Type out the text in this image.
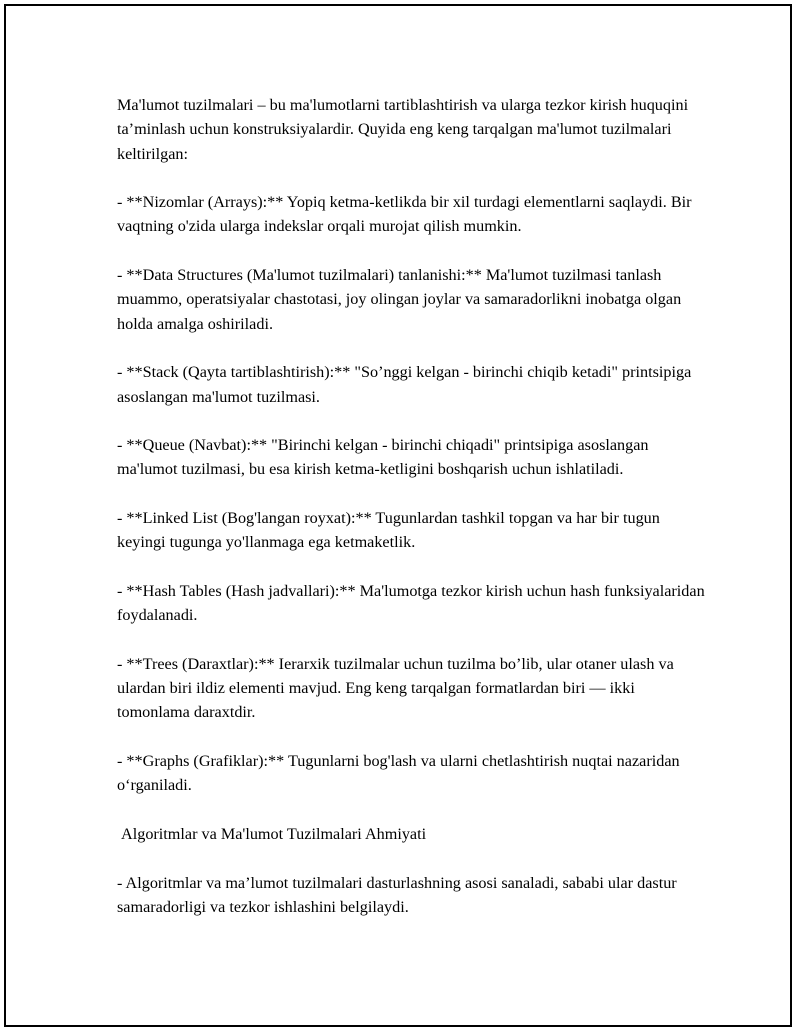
Ma'lumot tuzilmalari – bu ma'lumotlarni tartiblashtirish va ularga tezkor kirish huquqini ta’minlash uchun konstruksiyalardir. Quyida eng keng tarqalgan ma'lumot tuzilmalari keltirilgan:

- **Nizomlar (Arrays):** Yopiq ketma-ketlikda bir xil turdagi elementlarni saqlaydi. Bir vaqtning o'zida ularga indekslar orqali murojat qilish mumkin.

- **Data Structures (Ma'lumot tuzilmalari) tanlanishi:** Ma'lumot tuzilmasi tanlash muammo, operatsiyalar chastotasi, joy olingan joylar va samaradorlikni inobatga olgan holda amalga oshiriladi.

- **Stack (Qayta tartiblashtirish):** "So’nggi kelgan - birinchi chiqib ketadi" printsipiga asoslangan ma'lumot tuzilmasi.

- **Queue (Navbat):** "Birinchi kelgan - birinchi chiqadi" printsipiga asoslangan ma'lumot tuzilmasi, bu esa kirish ketma-ketligini boshqarish uchun ishlatiladi.

- **Linked List (Bog'langan royxat):** Tugunlardan tashkil topgan va har bir tugun keyingi tugunga yo'llanmaga ega ketmaketlik.

- **Hash Tables (Hash jadvallari):** Ma'lumotga tezkor kirish uchun hash funksiyalaridan foydalanadi.

- **Trees (Daraxtlar):** Ierarxik tuzilmalar uchun tuzilma bo’lib, ular otaner ulash va ulardan biri ildiz elementi mavjud. Eng keng tarqalgan formatlardan biri — ikki tomonlama daraxtdir.

- **Graphs (Grafiklar):** Tugunlarni bog'lash va ularni chetlashtirish nuqtai nazaridan o‘rganiladi.

Algoritmlar va Ma'lumot Tuzilmalari Ahmiyati

- Algoritmlar va ma’lumot tuzilmalari dasturlashning asosi sanaladi, sababi ular dastur samaradorligi va tezkor ishlashini belgilaydi.
